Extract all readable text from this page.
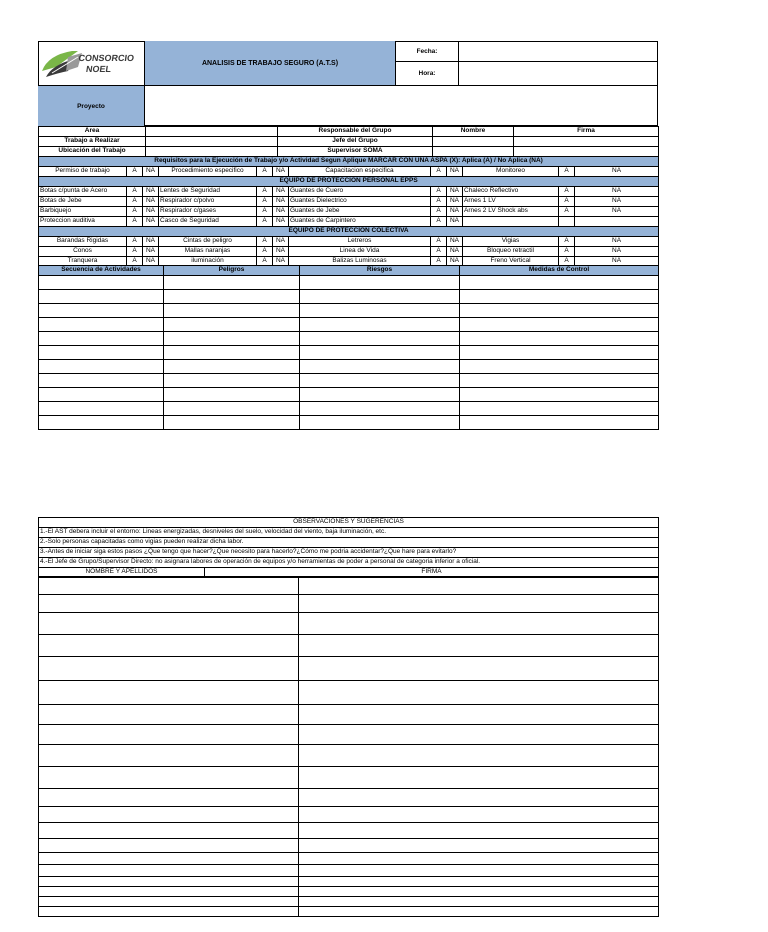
CONSORCIO
NOEL
ANALISIS DE TRABAJO SEGURO (A.T.S)
Fecha:
Hora:
Proyecto
Area		Responsable del Grupo	Nombre	Firma
Trabajo a Realizar		Jefe del Grupo		
Ubicación del Trabajo		Supervisor SOMA		
Requisitos para la Ejecución de Trabajo y/o Actividad Segun Aplique MARCAR CON UNA ASPA (X): Aplica (A) / No Aplica (NA)											
Permiso de trabajo	A	NA	Procedimiento especifico	A	NA	Capacitacion especifica	A	NA	Monitoreo	A	NA
EQUIPO DE PROTECCION PERSONAL EPPS											
Botas c/punta de Acero	A	NA	Lentes de Seguridad	A	NA	Guantes de Cuero	A	NA	Chaleco Reflectivo	A	NA
Botas de Jebe	A	NA	Respirador c/polvo	A	NA	Guantes Dielectrico	A	NA	Arnes 1 LV	A	NA
Barbiquejo	A	NA	Respirador c/gases	A	NA	Guantes de Jebe	A	NA	Arnes 2 LV Shock abs	A	NA
Proteccion auditiva	A	NA	Casco de Seguridad	A	NA	Guantes de Carpintero	A	NA			
EQUIPO DE PROTECCIÓN COLECTIVA											
Barandas Rigidas	A	NA	Cintas de peligro	A	NA	Letreros	A	NA	Vigias	A	NA
Conos	A	NA	Mallas naranjas	A	NA	Linea de Vida	A	NA	Bloqueo retractil	A	NA
Tranquera	A	NA	iluminación	A	NA	Balizas Luminosas	A	NA	Freno Vertical	A	NA
Secuencia de Actividades	Peligros	Riesgos	Medidas de Control

OBSERVACIONES Y SUGERENCIAS
1.-El AST debera incluir el entorno: Lineas energizadas, desniveles del suelo, velocidad del viento, baja iluminación, etc.
2.-Solo personas capacitadas como vigias pueden realizar dicha labor.
3.-Antes de iniciar siga estos pasos ¿Que tengo que hacer?¿Que necesito para hacerlo?¿Cómo me podria accidentar?¿Que hare para evitarlo?
4.-El Jefe de Grupo/Supervisor Directo: no asignara labores de operación de equipos y/o herramientas de poder a personal de categoria inferior a oficial.
NOMBRE Y APELLIDOS	FIRMA
